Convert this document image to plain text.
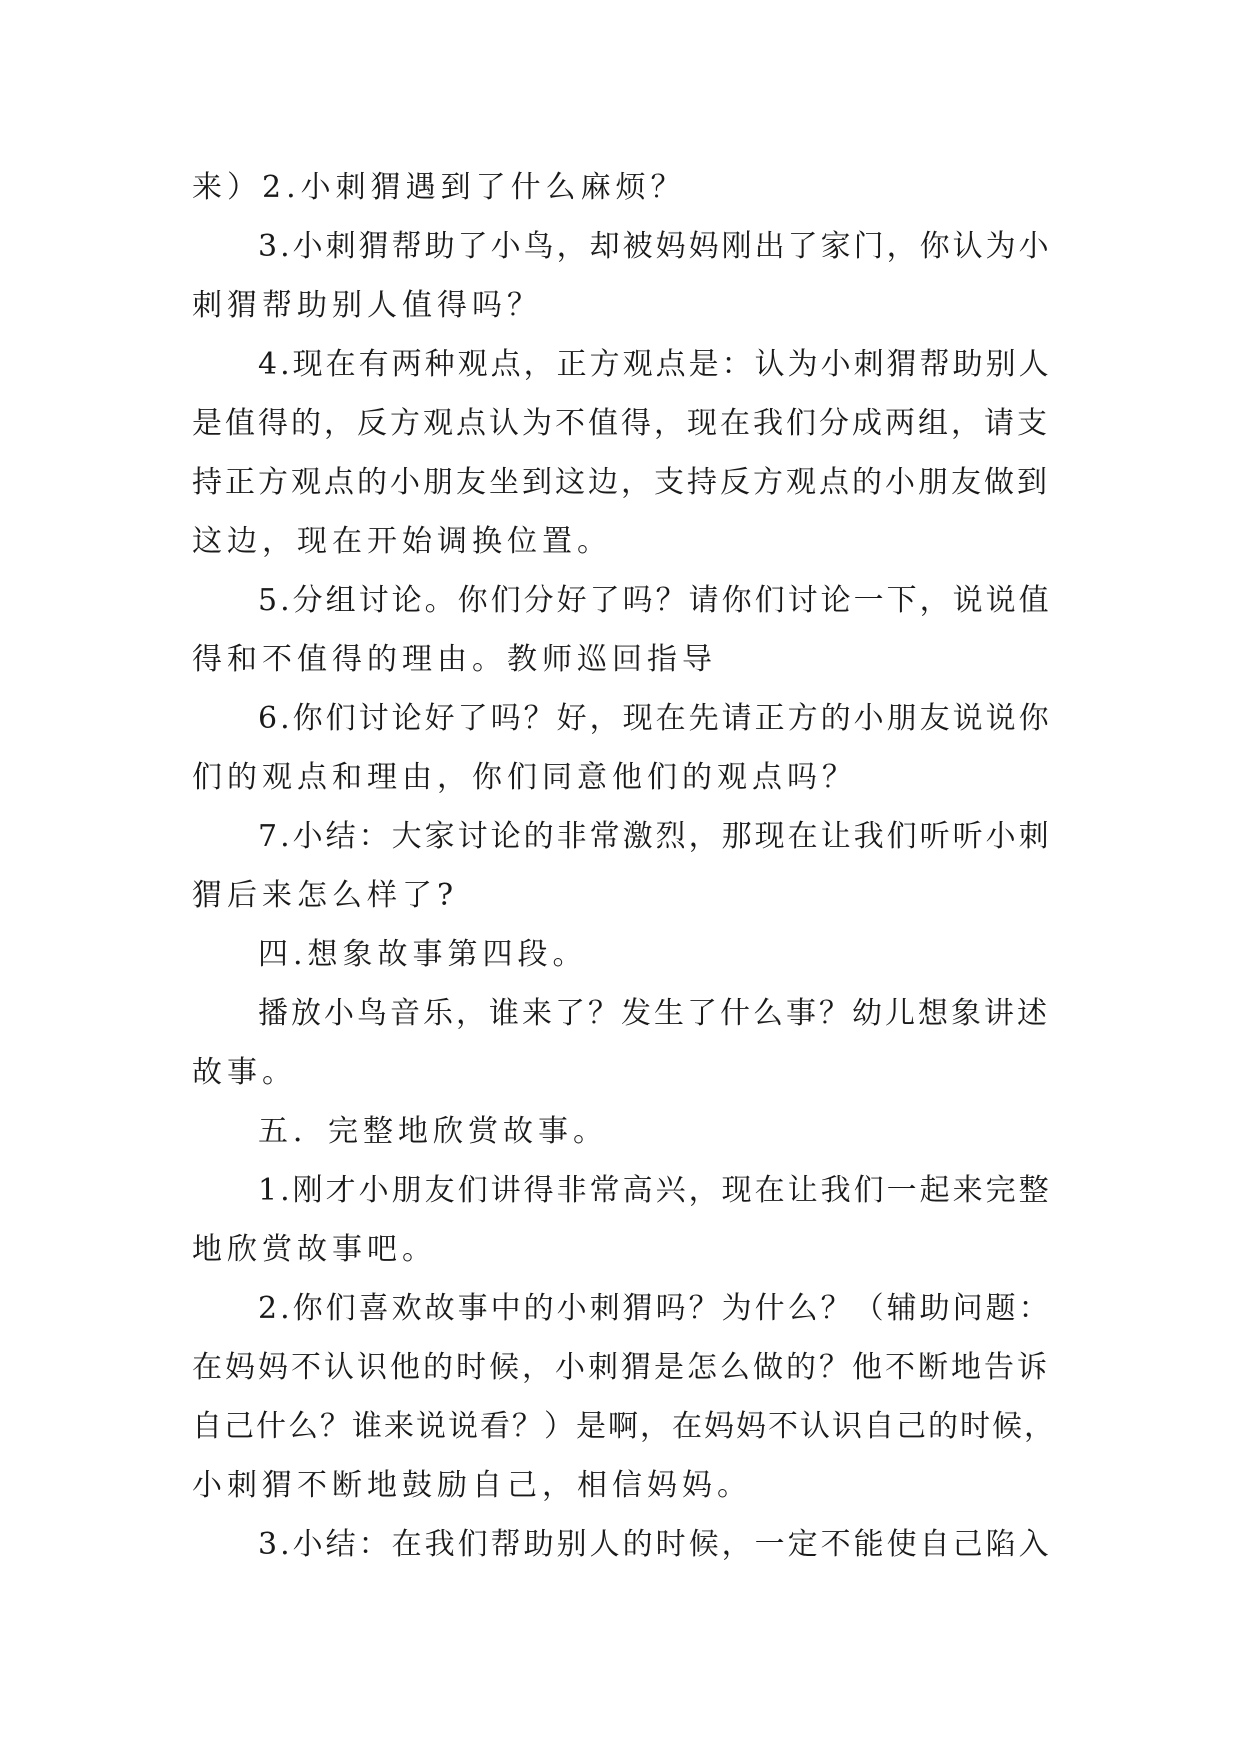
来）2.小刺猬遇到了什么麻烦？
3.小刺猬帮助了小鸟，却被妈妈刚出了家门，你认为小
刺猬帮助别人值得吗？
4.现在有两种观点，正方观点是：认为小刺猬帮助别人
是值得的，反方观点认为不值得，现在我们分成两组，请支
持正方观点的小朋友坐到这边，支持反方观点的小朋友做到
这边，现在开始调换位置。
5.分组讨论。你们分好了吗？请你们讨论一下，说说值
得和不值得的理由。教师巡回指导
6.你们讨论好了吗？好，现在先请正方的小朋友说说你
们的观点和理由，你们同意他们的观点吗？
7.小结：大家讨论的非常激烈，那现在让我们听听小刺
猬后来怎么样了?
四.想象故事第四段。
播放小鸟音乐，谁来了？发生了什么事？幼儿想象讲述
故事。
五．完整地欣赏故事。
1.刚才小朋友们讲得非常高兴，现在让我们一起来完整
地欣赏故事吧。
2.你们喜欢故事中的小刺猬吗？为什么？（辅助问题：
在妈妈不认识他的时候，小刺猬是怎么做的？他不断地告诉
自己什么？谁来说说看？）是啊，在妈妈不认识自己的时候，
小刺猬不断地鼓励自己，相信妈妈。
3.小结：在我们帮助别人的时候，一定不能使自己陷入
